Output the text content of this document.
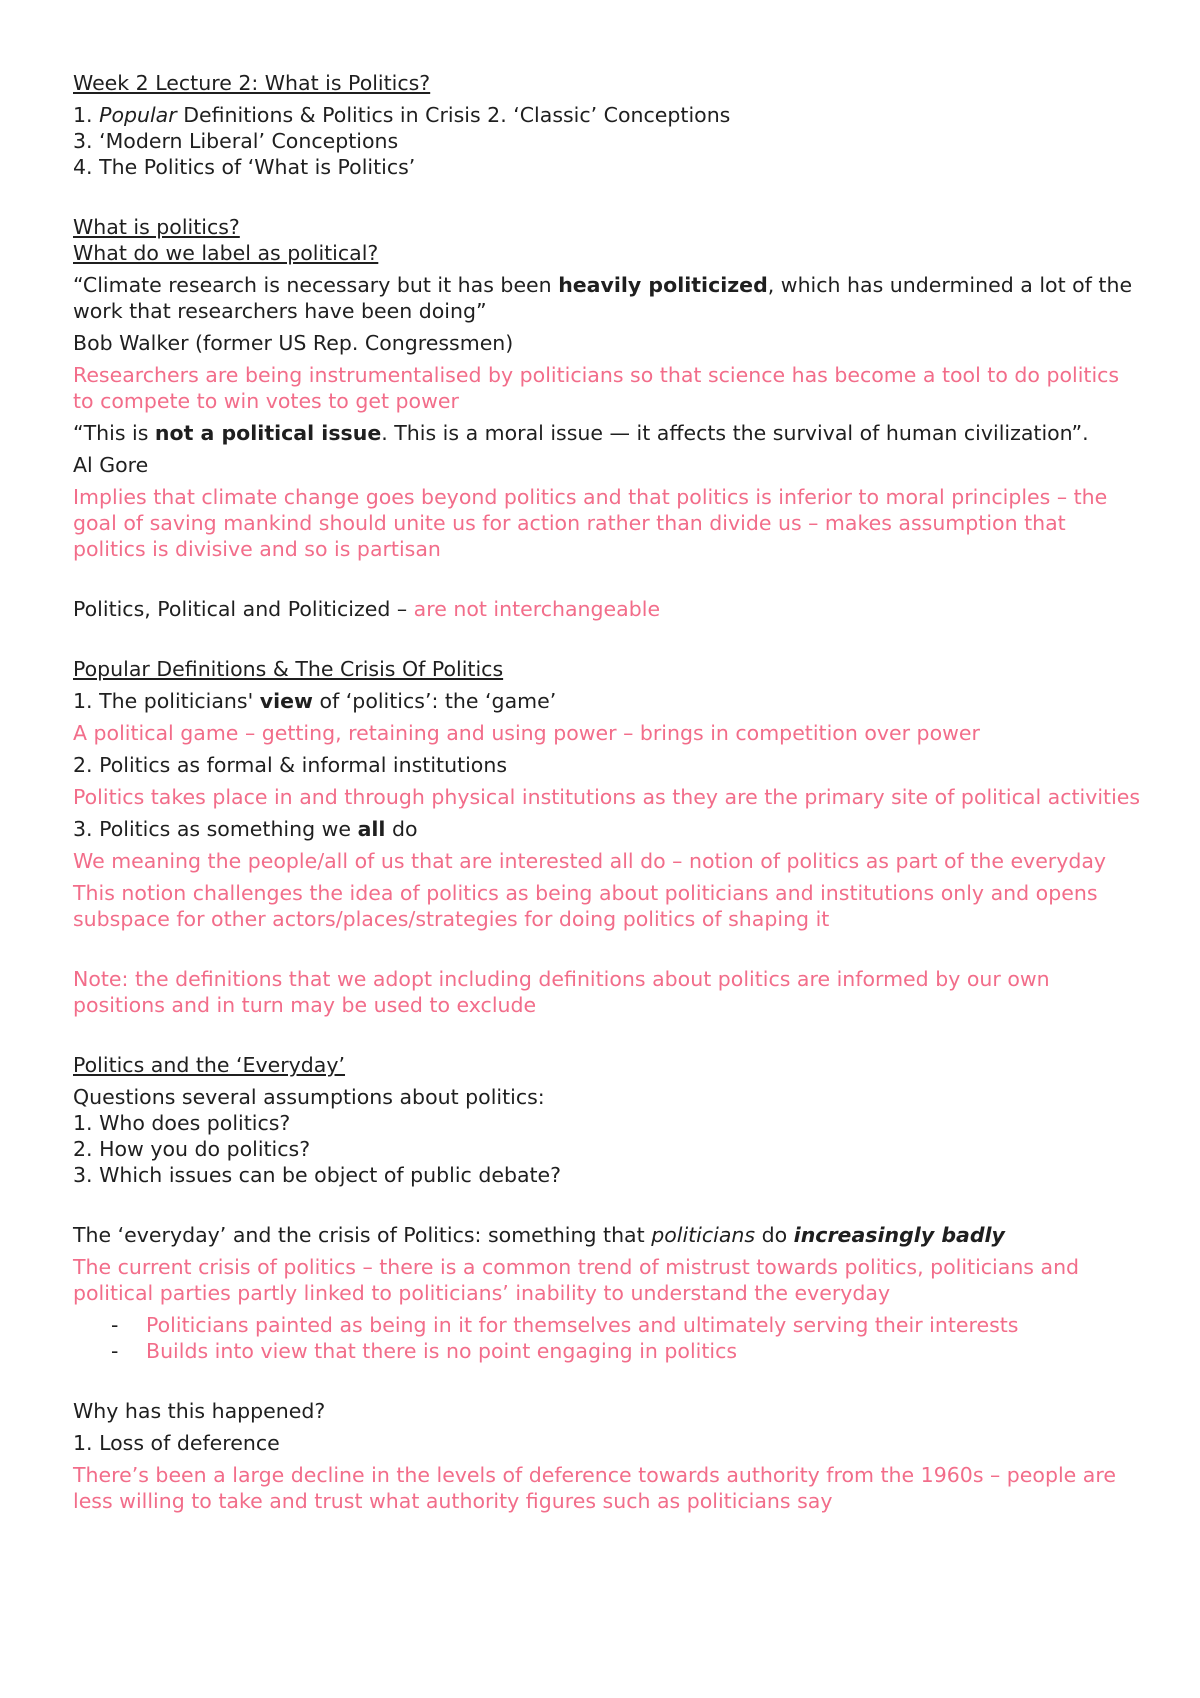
Week 2 Lecture 2: What is Politics?
1. Popular Definitions & Politics in Crisis 2. ‘Classic’ Conceptions
3. ‘Modern Liberal’ Conceptions
4. The Politics of ‘What is Politics’
What is politics?
What do we label as political?
“Climate research is necessary but it has been heavily politicized, which has undermined a lot of the work that researchers have been doing”
Bob Walker (former US Rep. Congressmen)
Researchers are being instrumentalised by politicians so that science has become a tool to do politics to compete to win votes to get power
“This is not a political issue. This is a moral issue — it affects the survival of human civilization”.
Al Gore
Implies that climate change goes beyond politics and that politics is inferior to moral principles – the goal of saving mankind should unite us for action rather than divide us – makes assumption that politics is divisive and so is partisan
Politics, Political and Politicized – are not interchangeable
Popular Definitions & The Crisis Of Politics
1. The politicians' view of ‘politics’: the ‘game’
A political game – getting, retaining and using power – brings in competition over power
2. Politics as formal & informal institutions
Politics takes place in and through physical institutions as they are the primary site of political activities
3. Politics as something we all do
We meaning the people/all of us that are interested all do – notion of politics as part of the everyday
This notion challenges the idea of politics as being about politicians and institutions only and opens subspace for other actors/places/strategies for doing politics of shaping it
Note: the definitions that we adopt including definitions about politics are informed by our own positions and in turn may be used to exclude
Politics and the ‘Everyday’
Questions several assumptions about politics:
1. Who does politics?
2. How you do politics?
3. Which issues can be object of public debate?
The ‘everyday’ and the crisis of Politics: something that politicians do increasingly badly
The current crisis of politics – there is a common trend of mistrust towards politics, politicians and political parties partly linked to politicians’ inability to understand the everyday
- Politicians painted as being in it for themselves and ultimately serving their interests
- Builds into view that there is no point engaging in politics
Why has this happened?
1. Loss of deference
There’s been a large decline in the levels of deference towards authority from the 1960s – people are less willing to take and trust what authority figures such as politicians say
